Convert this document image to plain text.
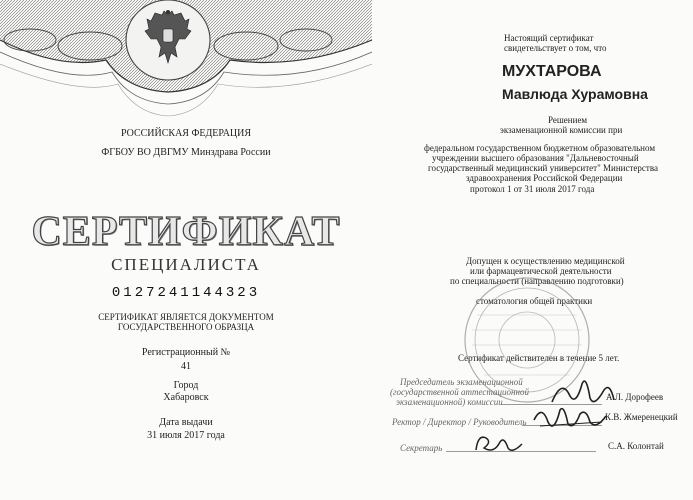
РОССИЙСКАЯ ФЕДЕРАЦИЯ
ФГБОУ ВО ДВГМУ Минздрава России
СЕРТИФИКАТ
СПЕЦИАЛИСТА
0127241144323
СЕРТИФИКАТ ЯВЛЯЕТСЯ ДОКУМЕНТОМ
ГОСУДАРСТВЕННОГО ОБРАЗЦА
Регистрационный №
41
Город
Хабаровск
Дата выдачи
31 июля 2017 года
Настоящий сертификат
свидетельствует о том, что
МУХТАРОВА
Мавлюда Хурамовна
Решением
экзаменационной комиссии при
федеральном государственном бюджетном образовательном
учреждении высшего образования "Дальневосточный
государственный медицинский университет" Министерства
здравоохранения Российской Федерации
протокол 1 от 31 июля 2017 года
Допущен к осуществлению медицинской
или фармацевтической деятельности
по специальности (направлению подготовки)
стоматология общей практики
Сертификат действителен в течение 5 лет.
Председатель экзаменационной
(государственной аттестационной
экзаменационной) комиссии	А.Л. Дорофеев
Ректор / Директор / Руководитель	К.В. Жмеренецкий
Секретарь	С.А. Колонтай
